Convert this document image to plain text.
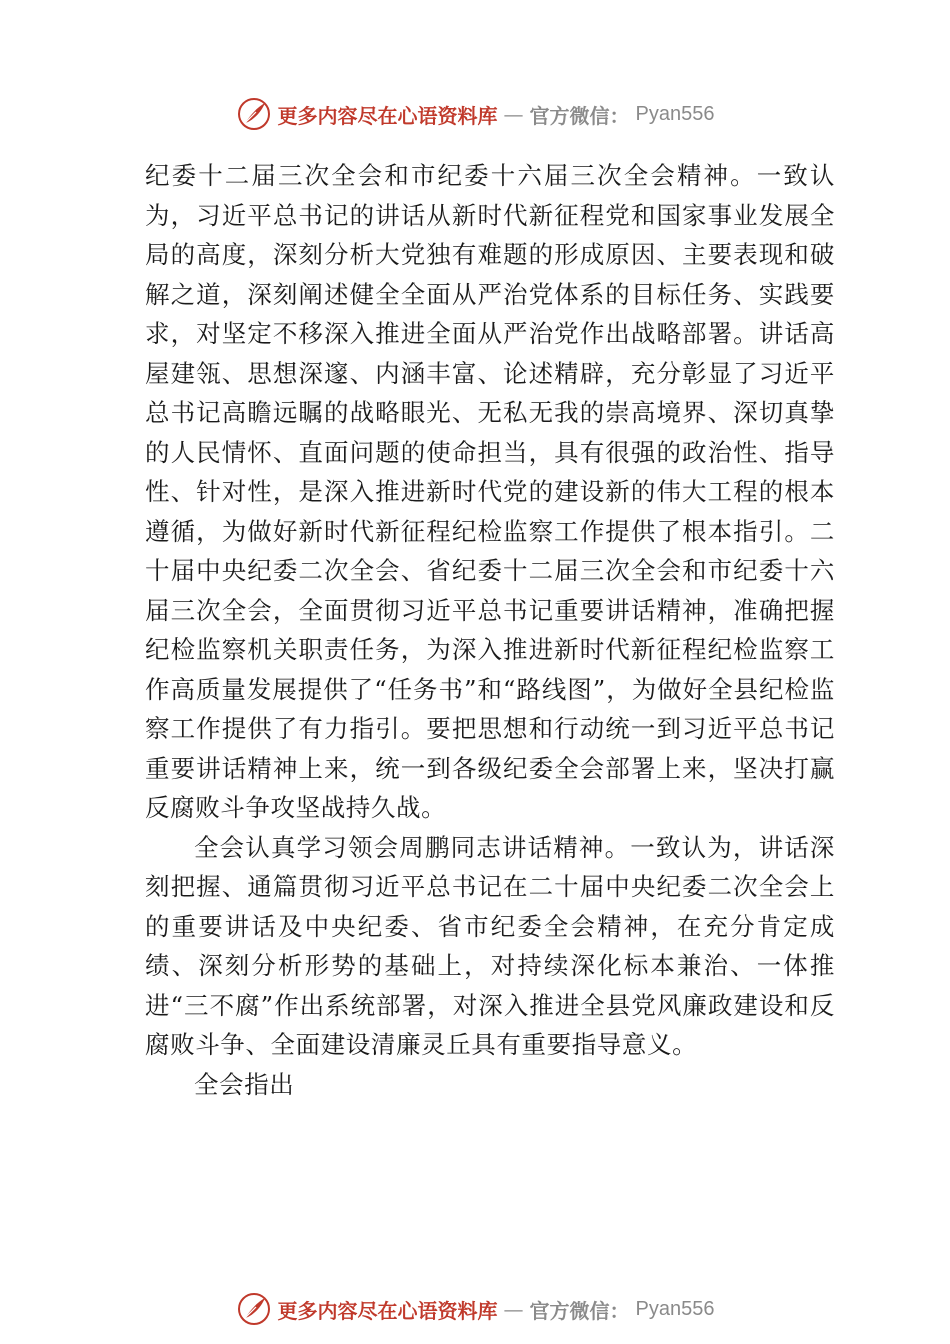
更多内容尽在心语资料库 — 官方微信： Pyan556

纪委十二届三次全会和市纪委十六届三次全会精神。一致认为，习近平总书记的讲话从新时代新征程党和国家事业发展全局的高度，深刻分析大党独有难题的形成原因、主要表现和破解之道，深刻阐述健全全面从严治党体系的目标任务、实践要求，对坚定不移深入推进全面从严治党作出战略部署。讲话高屋建瓴、思想深邃、内涵丰富、论述精辟，充分彰显了习近平总书记高瞻远瞩的战略眼光、无私无我的崇高境界、深切真挚的人民情怀、直面问题的使命担当，具有很强的政治性、指导性、针对性，是深入推进新时代党的建设新的伟大工程的根本遵循，为做好新时代新征程纪检监察工作提供了根本指引。二十届中央纪委二次全会、省纪委十二届三次全会和市纪委十六届三次全会，全面贯彻习近平总书记重要讲话精神，准确把握纪检监察机关职责任务，为深入推进新时代新征程纪检监察工作高质量发展提供了“任务书”和“路线图”，为做好全县纪检监察工作提供了有力指引。要把思想和行动统一到习近平总书记重要讲话精神上来，统一到各级纪委全会部署上来，坚决打赢反腐败斗争攻坚战持久战。

全会认真学习领会周鹏同志讲话精神。一致认为，讲话深刻把握、通篇贯彻习近平总书记在二十届中央纪委二次全会上的重要讲话及中央纪委、省市纪委全会精神，在充分肯定成绩、深刻分析形势的基础上，对持续深化标本兼治、一体推进“三不腐”作出系统部署，对深入推进全县党风廉政建设和反腐败斗争、全面建设清廉灵丘具有重要指导意义。

全会指出

更多内容尽在心语资料库 — 官方微信： Pyan556
